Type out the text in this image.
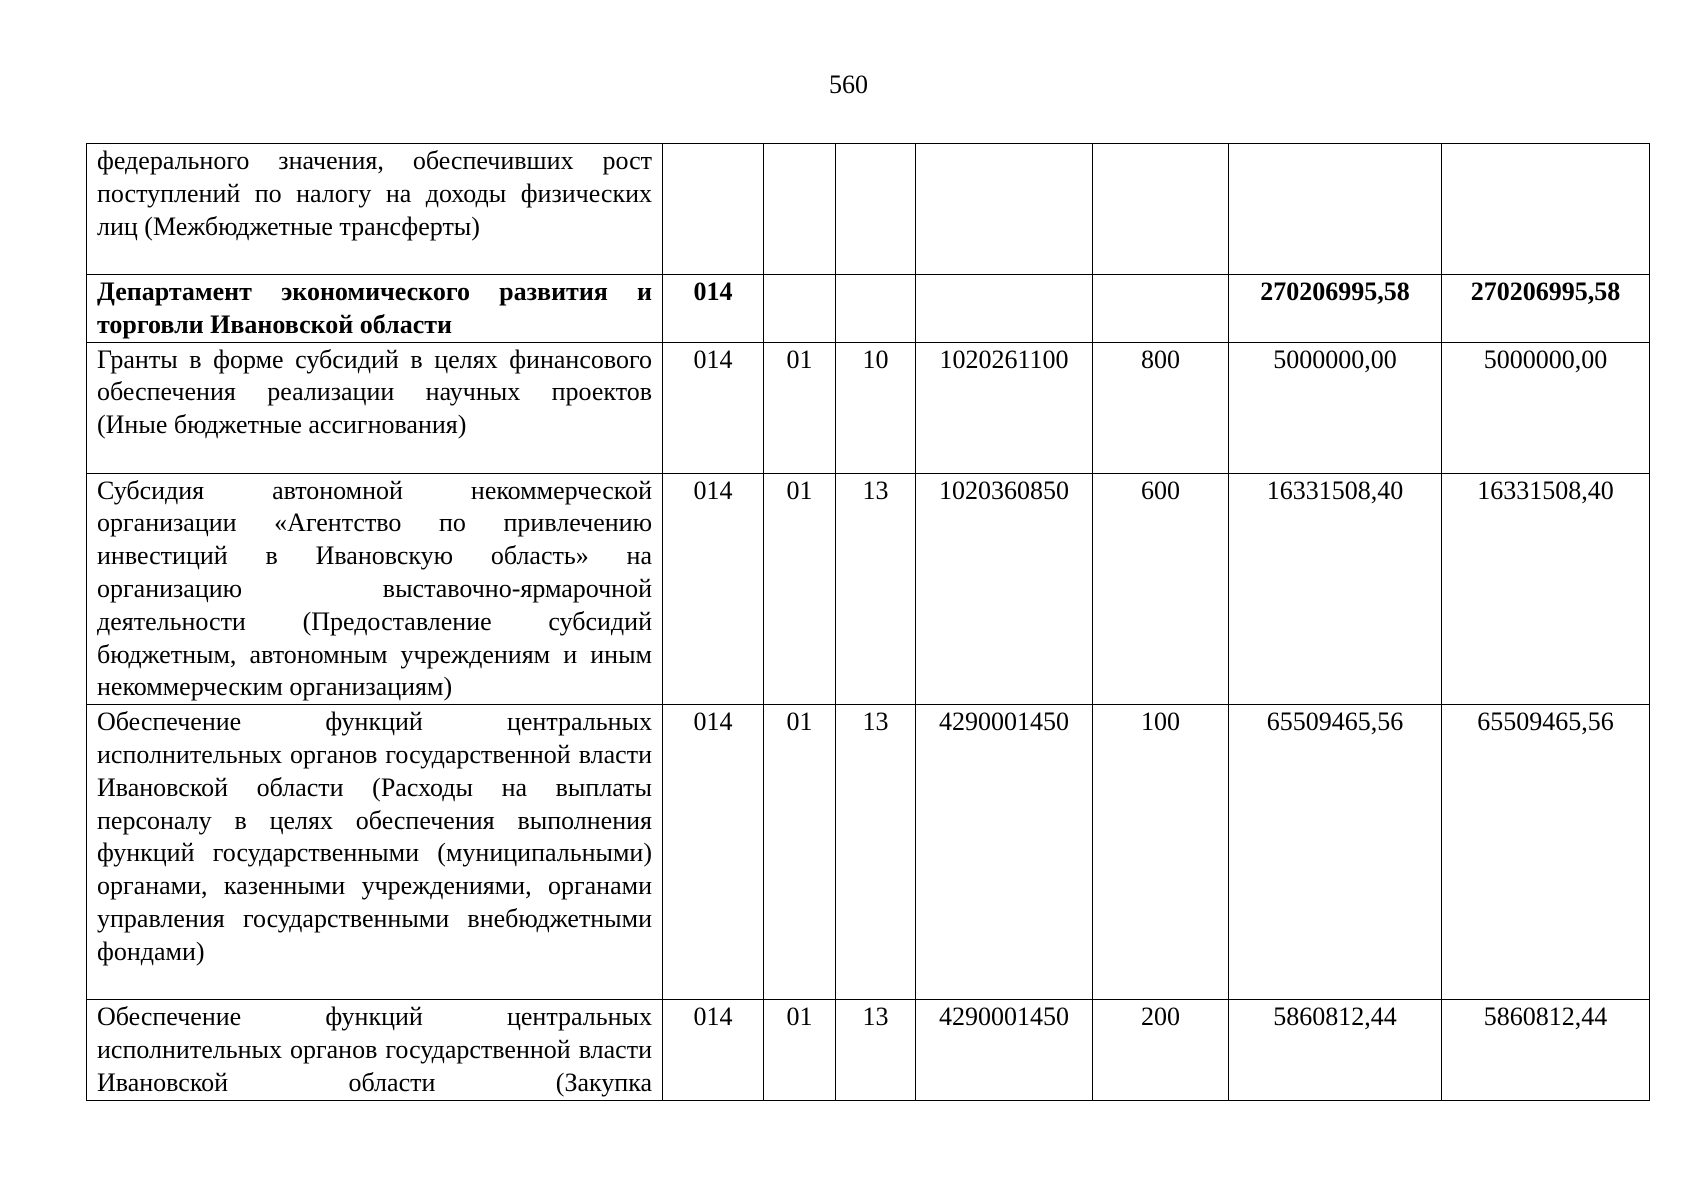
560
федерального значения, обеспечивших рост поступлений по налогу на доходы физических лиц (Межбюджетные трансферты)							
Департамент экономического развития и торговли Ивановской области	014					270206995,58	270206995,58
Гранты в форме субсидий в целях финансового обеспечения реализации научных проектов (Иные бюджетные ассигнования)	014	01	10	1020261100	800	5000000,00	5000000,00
Субсидия автономной некоммерческой организации «Агентство по привлечению инвестиций в Ивановскую область» на организацию выставочно-ярмарочной деятельности (Предоставление субсидий бюджетным, автономным учреждениям и иным некоммерческим организациям)	014	01	13	1020360850	600	16331508,40	16331508,40
Обеспечение функций центральных исполнительных органов государственной власти Ивановской области (Расходы на выплаты персоналу в целях обеспечения выполнения функций государственными (муниципальными) органами, казенными учреждениями, органами управления государственными внебюджетными фондами)	014	01	13	4290001450	100	65509465,56	65509465,56
Обеспечение функций центральных исполнительных органов государственной власти Ивановской области (Закупка	014	01	13	4290001450	200	5860812,44	5860812,44
